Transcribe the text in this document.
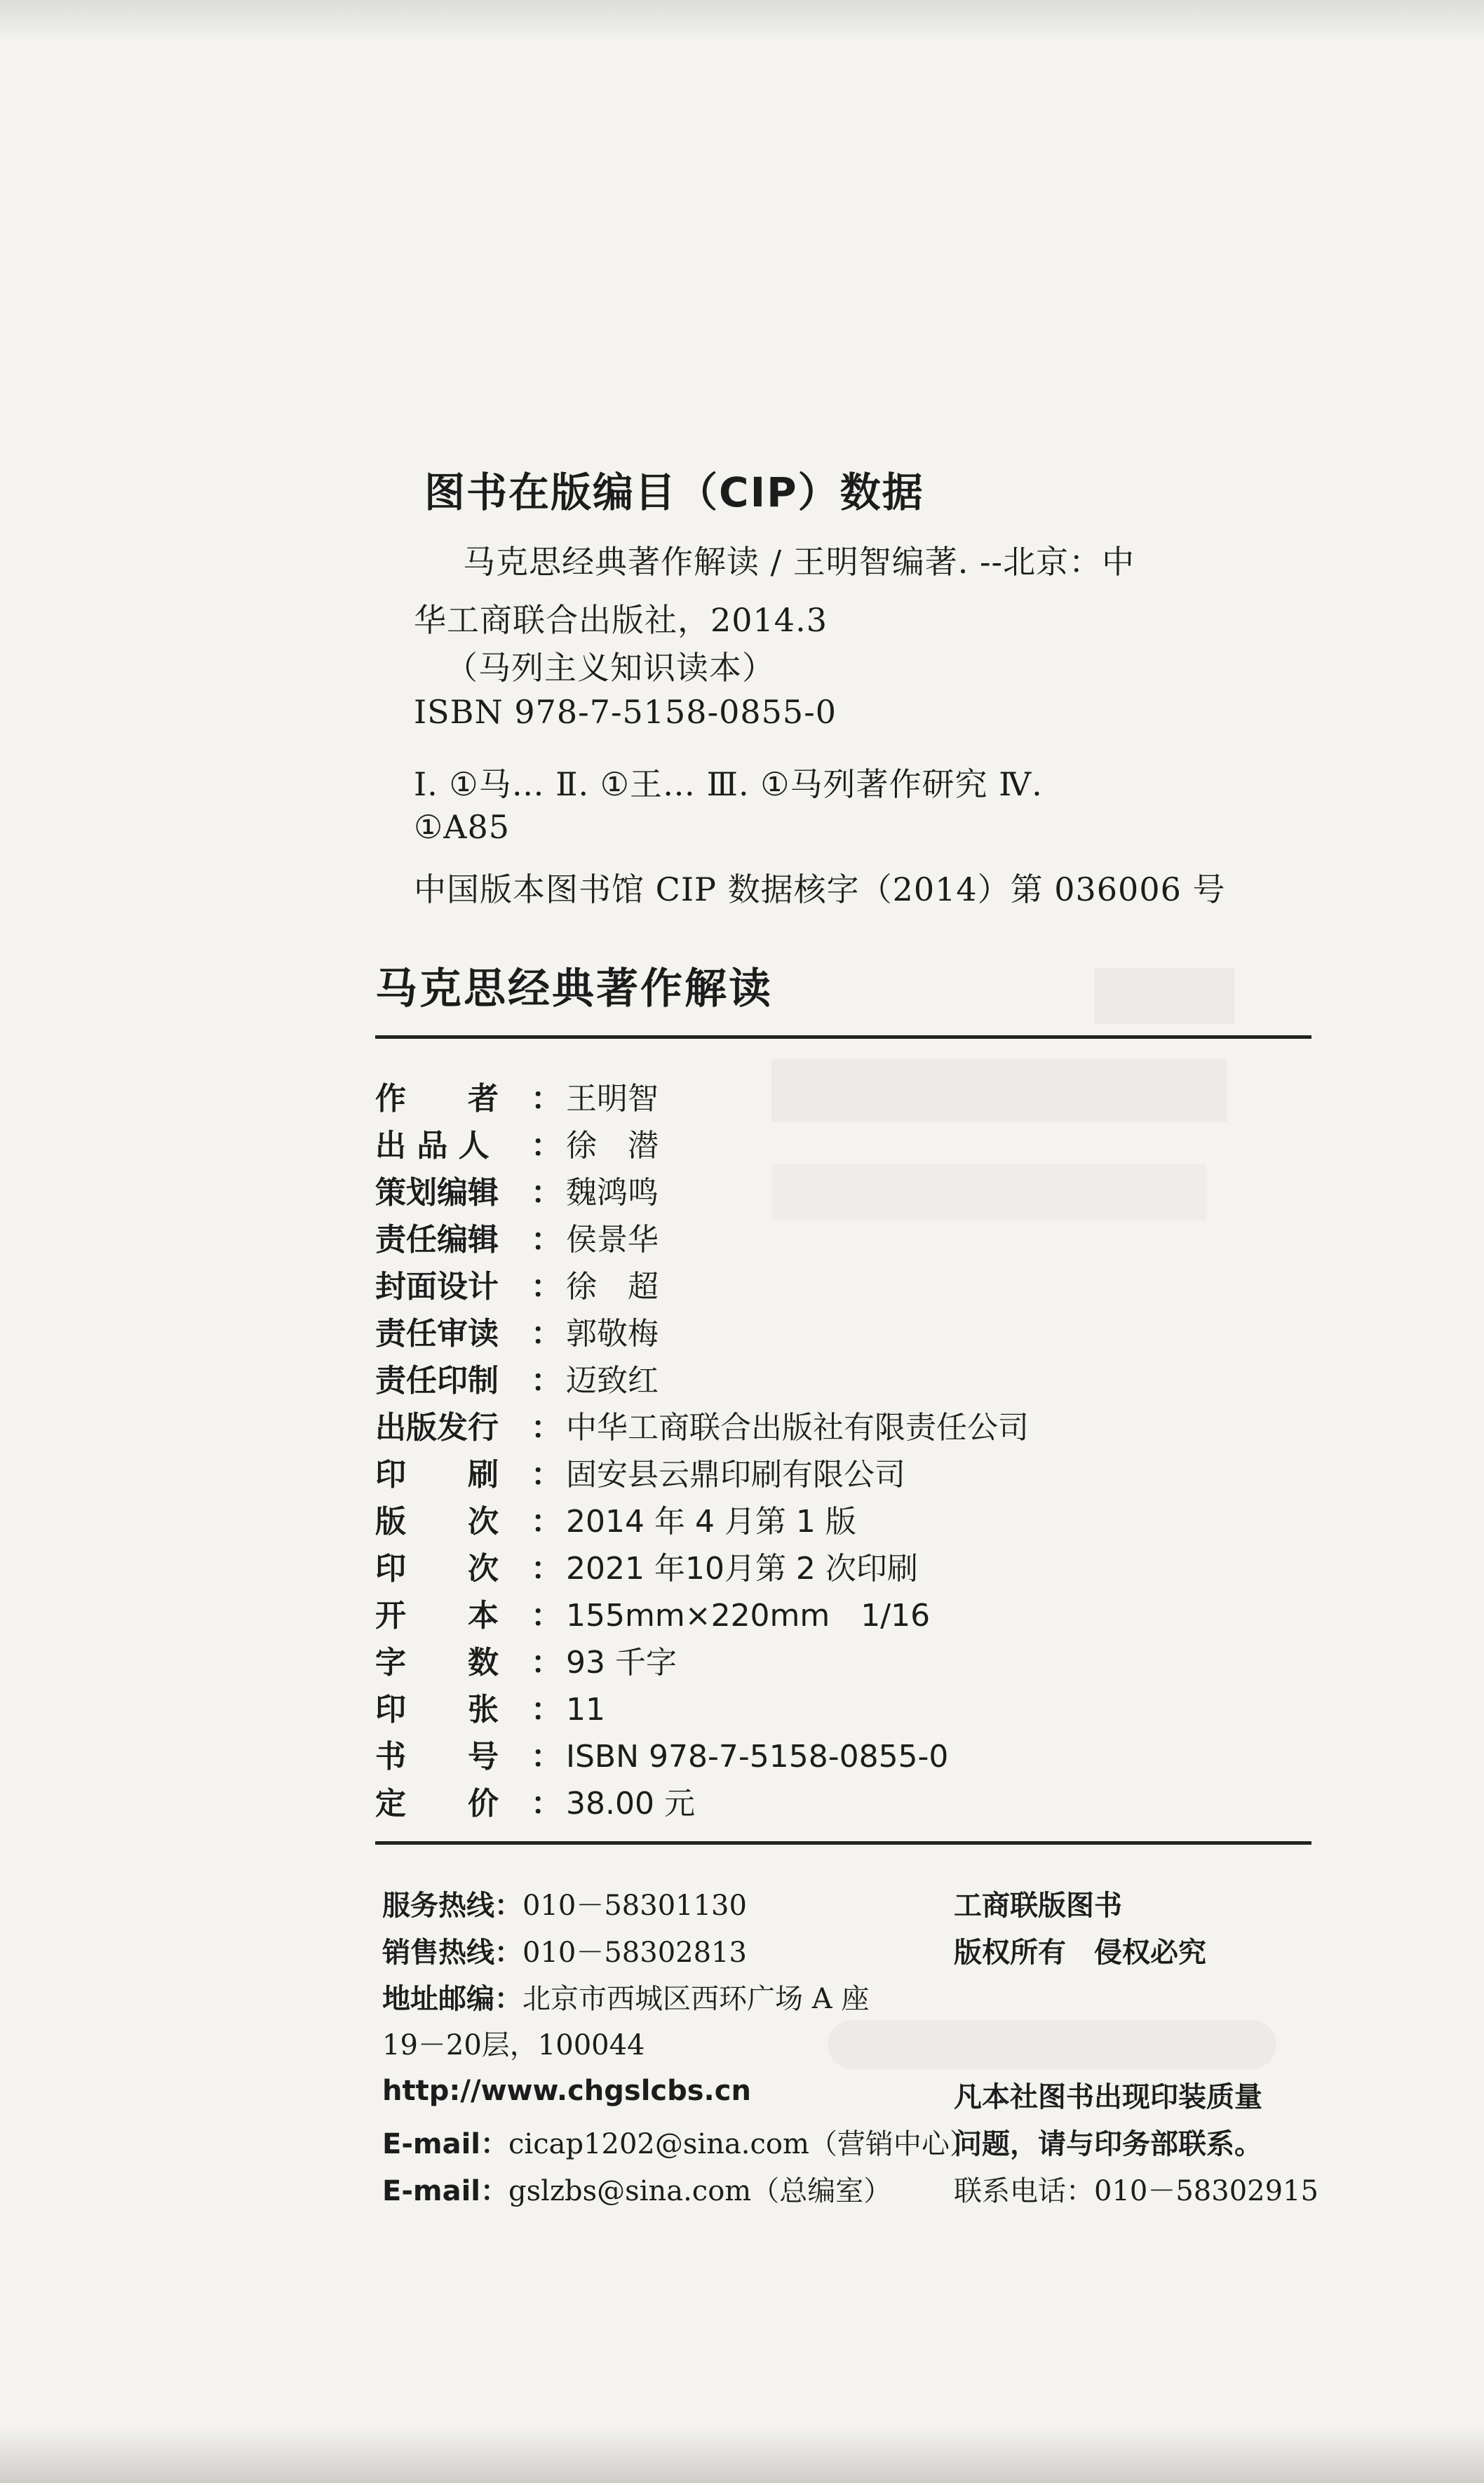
图书在版编目（CIP）数据
马克思经典著作解读 / 王明智编著. --北京：中
华工商联合出版社，2014.3
（马列主义知识读本）
ISBN 978-7-5158-0855-0
Ⅰ. ①马… Ⅱ. ①王… Ⅲ. ①马列著作研究 Ⅳ.
①A85
中国版本图书馆 CIP 数据核字（2014）第 036006 号
马克思经典著作解读
作　　者 ： 王明智
出 品 人 ： 徐　潜
策划编辑 ： 魏鸿鸣
责任编辑 ： 侯景华
封面设计 ： 徐　超
责任审读 ： 郭敬梅
责任印制 ： 迈致红
出版发行 ： 中华工商联合出版社有限责任公司
印　　刷 ： 固安县云鼎印刷有限公司
版　　次 ： 2014 年 4 月第 1 版
印　　次 ： 2021 年10月第 2 次印刷
开　　本 ： 155mm×220mm　1/16
字　　数 ： 93 千字
印　　张 ： 11
书　　号 ： ISBN 978-7-5158-0855-0
定　　价 ： 38.00 元
服务热线：010－58301130
销售热线：010－58302813
地址邮编：北京市西城区西环广场 A 座
19－20层，100044
http://www.chgslcbs.cn
E-mail：cicap1202@sina.com（营销中心）
E-mail：gslzbs@sina.com（总编室）
工商联版图书
版权所有　侵权必究
凡本社图书出现印装质量
问题，请与印务部联系。
联系电话：010－58302915
